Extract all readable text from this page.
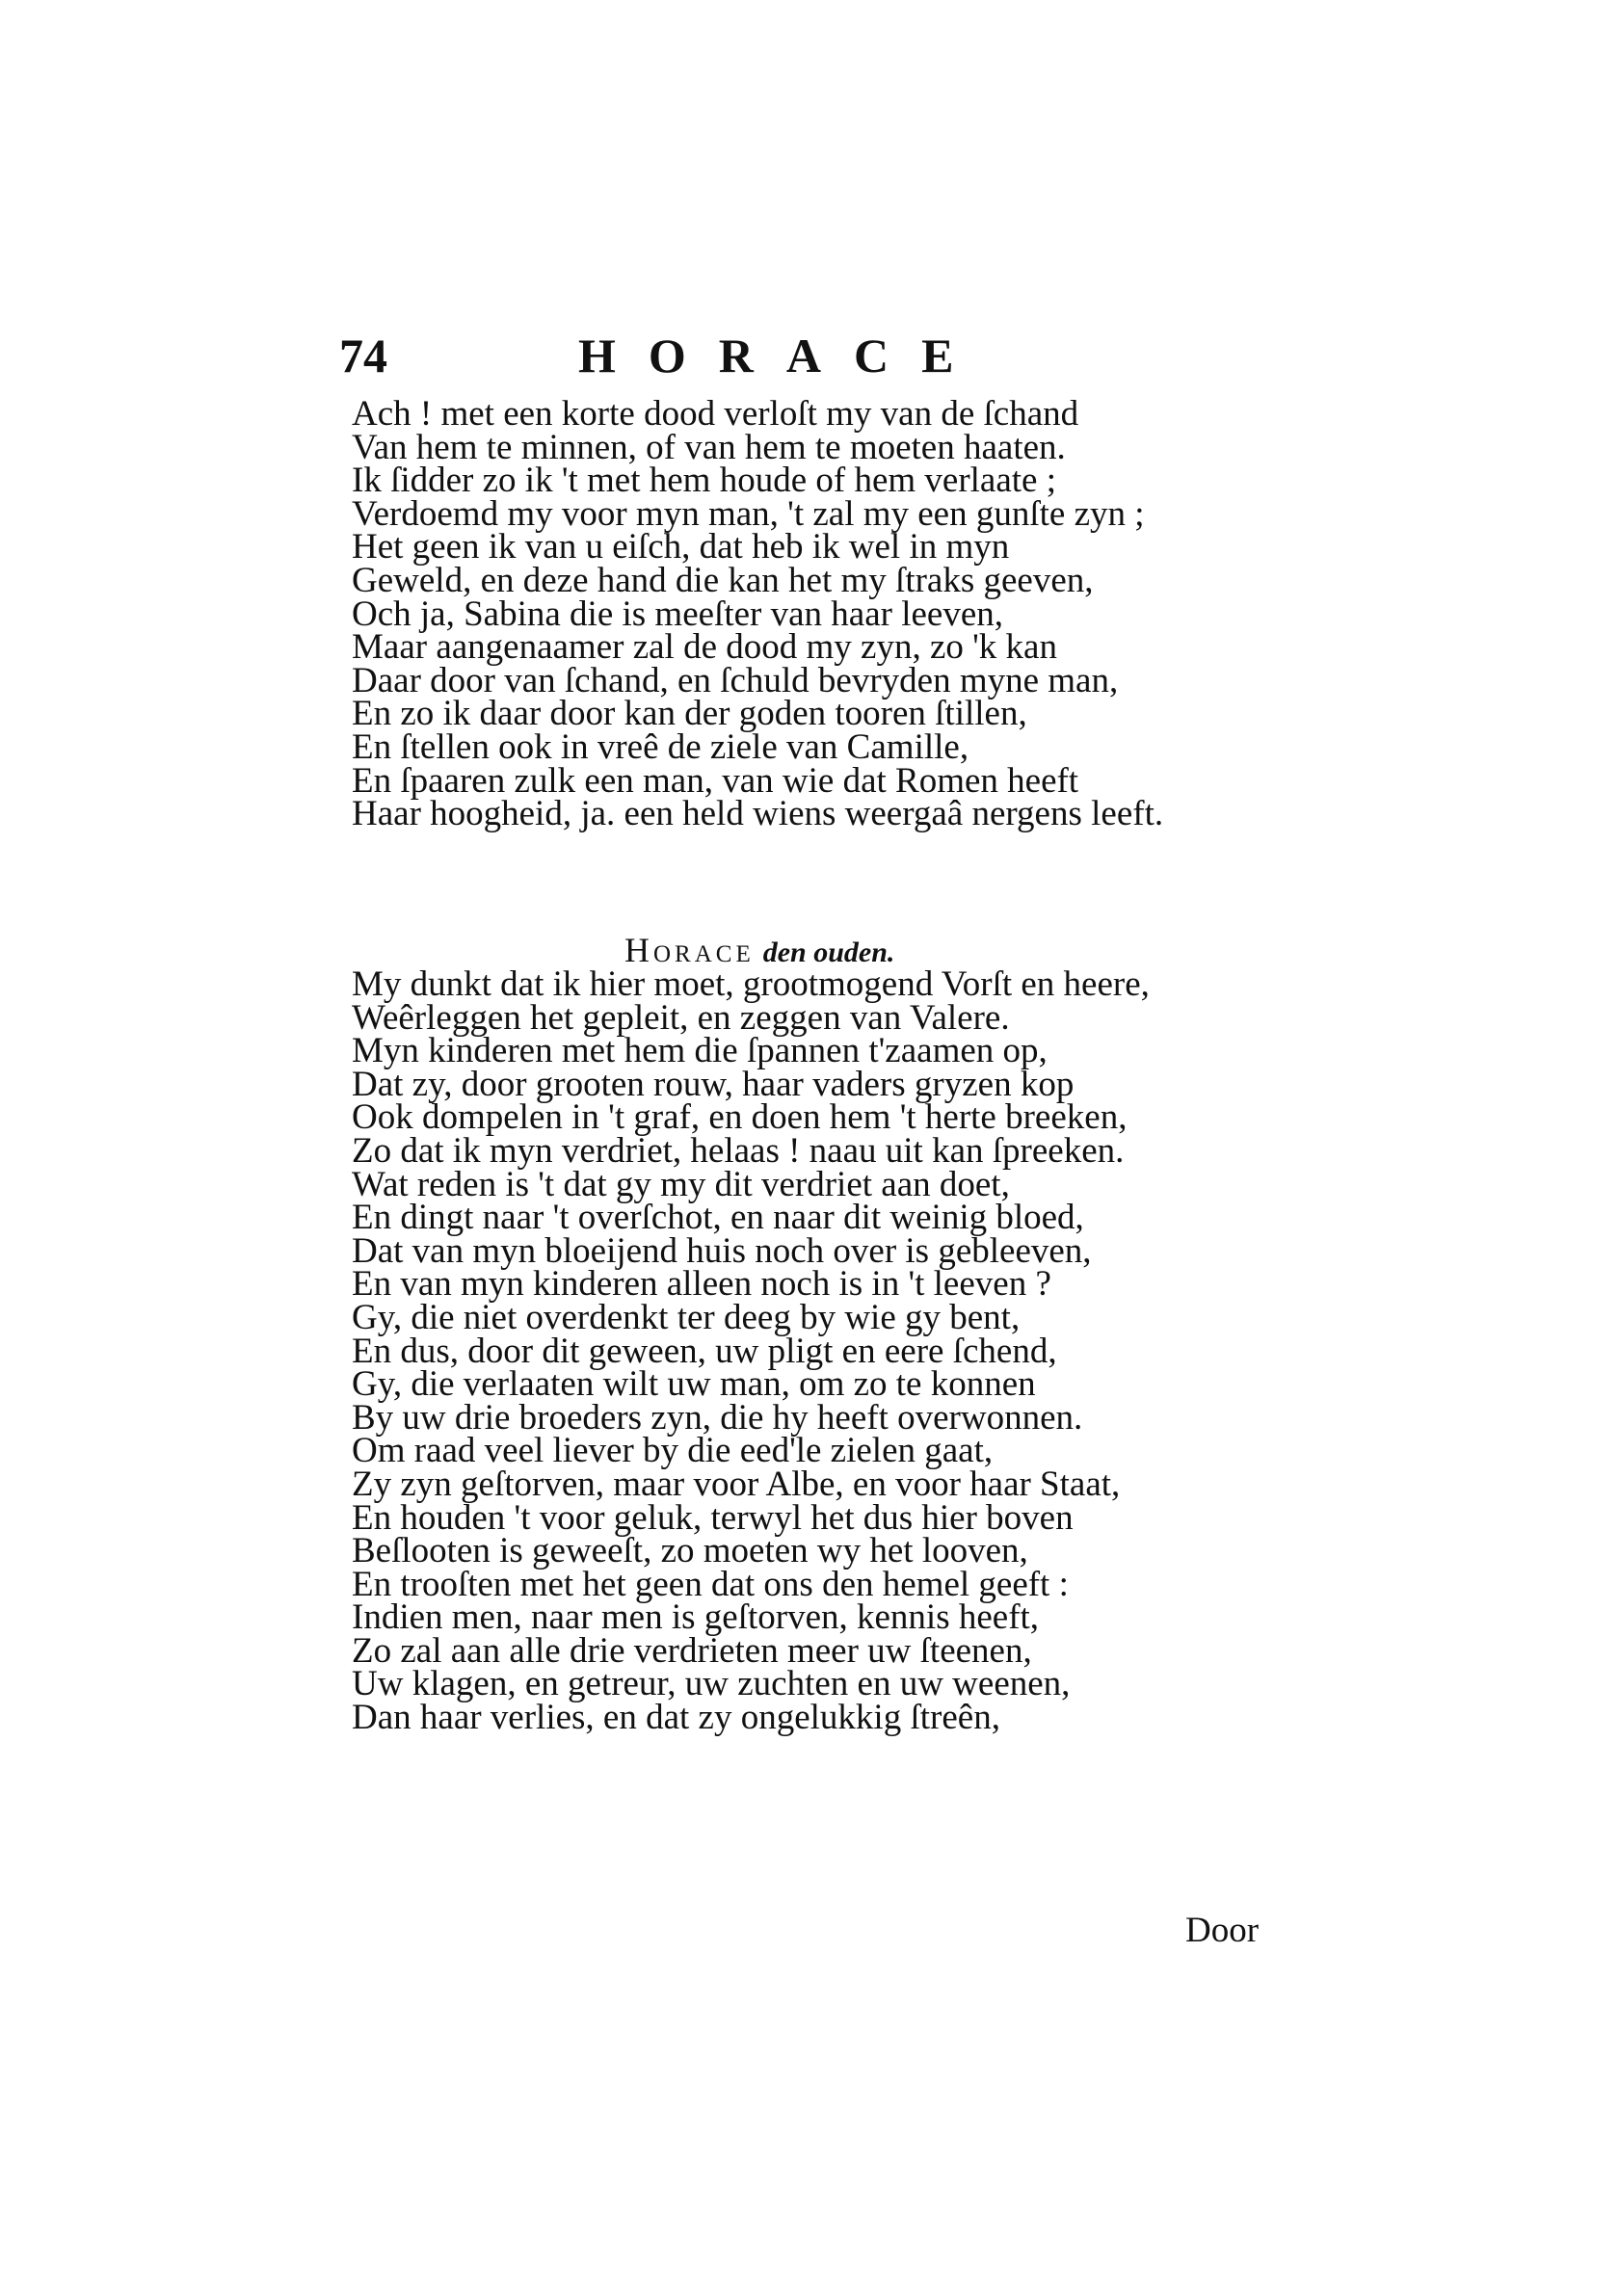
74	HORACE
Ach ! met een korte dood verloſt my van de ſchand
Van hem te minnen, of van hem te moeten haaten.
Ik ſidder zo ik 't met hem houde of hem verlaate ;
Verdoemd my voor myn man, 't zal my een gunſte zyn ;
Het geen ik van u eiſch, dat heb ik wel in myn
Geweld, en deze hand die kan het my ſtraks geeven,
Och ja, Sabina die is meeſter van haar leeven,
Maar aangenaamer zal de dood my zyn, zo 'k kan
Daar door van ſchand, en ſchuld bevryden myne man,
En zo ik daar door kan der goden tooren ſtillen,
En ſtellen ook in vreê de ziele van Camille,
En ſpaaren zulk een man, van wie dat Romen heeft
Haar hoogheid, ja. een held wiens weergaâ nergens leeft.
Horace den ouden.
My dunkt dat ik hier moet, grootmogend Vorſt en heere,
Weêrleggen het gepleit, en zeggen van Valere.
Myn kinderen met hem die ſpannen t'zaamen op,
Dat zy, door grooten rouw, haar vaders gryzen kop
Ook dompelen in 't graf, en doen hem 't herte breeken,
Zo dat ik myn verdriet, helaas ! naau uit kan ſpreeken.
Wat reden is 't dat gy my dit verdriet aan doet,
En dingt naar 't overſchot, en naar dit weinig bloed,
Dat van myn bloeijend huis noch over is gebleeven,
En van myn kinderen alleen noch is in 't leeven ?
Gy, die niet overdenkt ter deeg by wie gy bent,
En dus, door dit geween, uw pligt en eere ſchend,
Gy, die verlaaten wilt uw man, om zo te konnen
By uw drie broeders zyn, die hy heeft overwonnen.
Om raad veel liever by die eed'le zielen gaat,
Zy zyn geſtorven, maar voor Albe, en voor haar Staat,
En houden 't voor geluk, terwyl het dus hier boven
Beſlooten is geweeſt, zo moeten wy het looven,
En trooſten met het geen dat ons den hemel geeft :
Indien men, naar men is geſtorven, kennis heeft,
Zo zal aan alle drie verdrieten meer uw ſteenen,
Uw klagen, en getreur, uw zuchten en uw weenen,
Dan haar verlies, en dat zy ongelukkig ſtreên,
Door
